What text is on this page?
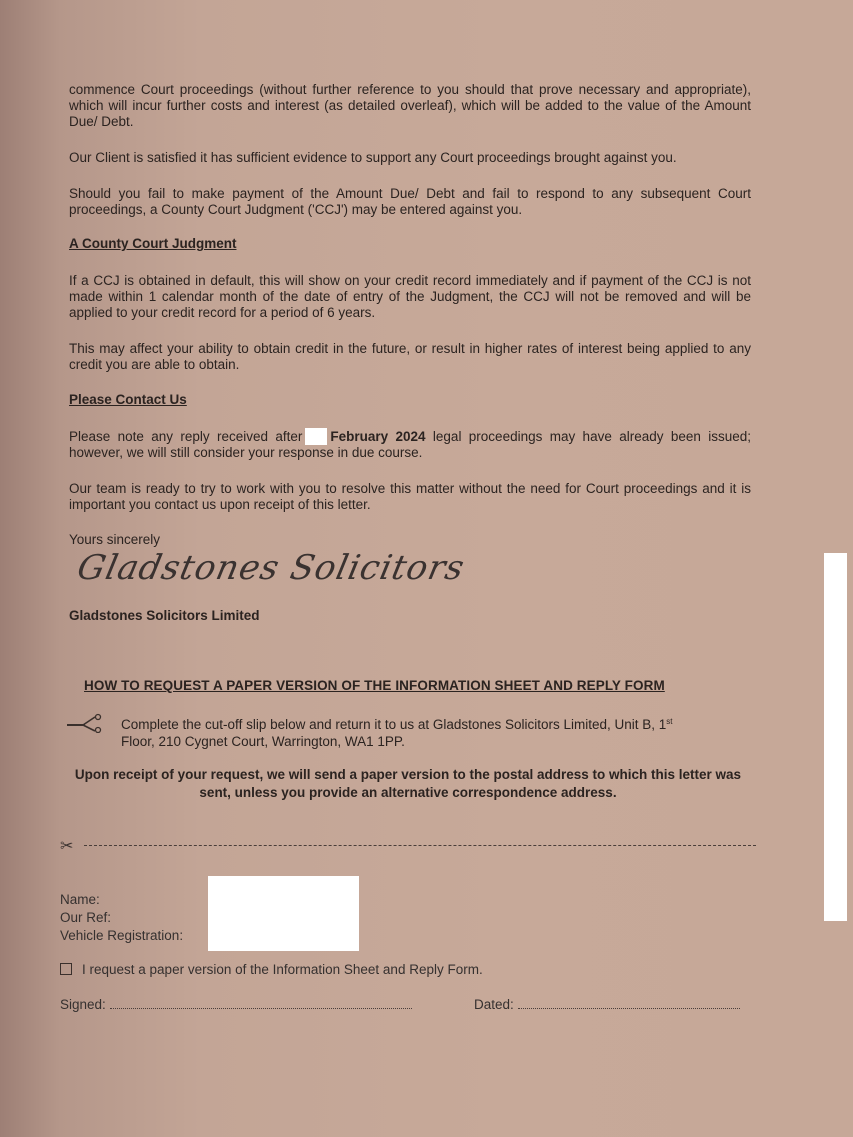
commence Court proceedings (without further reference to you should that prove necessary and appropriate), which will incur further costs and interest (as detailed overleaf), which will be added to the value of the Amount Due/ Debt.
Our Client is satisfied it has sufficient evidence to support any Court proceedings brought against you.
Should you fail to make payment of the Amount Due/ Debt and fail to respond to any subsequent Court proceedings, a County Court Judgment ('CCJ') may be entered against you.
A County Court Judgment
If a CCJ is obtained in default, this will show on your credit record immediately and if payment of the CCJ is not made within 1 calendar month of the date of entry of the Judgment, the CCJ will not be removed and will be applied to your credit record for a period of 6 years.
This may affect your ability to obtain credit in the future, or result in higher rates of interest being applied to any credit you are able to obtain.
Please Contact Us
Please note any reply received after February 2024 legal proceedings may have already been issued; however, we will still consider your response in due course.
Our team is ready to try to work with you to resolve this matter without the need for Court proceedings and it is important you contact us upon receipt of this letter.
Yours sincerely
Gladstones Solicitors
Gladstones Solicitors Limited
HOW TO REQUEST A PAPER VERSION OF THE INFORMATION SHEET AND REPLY FORM
Complete the cut-off slip below and return it to us at Gladstones Solicitors Limited, Unit B, 1st
Floor, 210 Cygnet Court, Warrington, WA1 1PP.
Upon receipt of your request, we will send a paper version to the postal address to which this letter was sent, unless you provide an alternative correspondence address.
✂
Name:
Our Ref:
Vehicle Registration:
I request a paper version of the Information Sheet and Reply Form.
Signed:	Dated:
